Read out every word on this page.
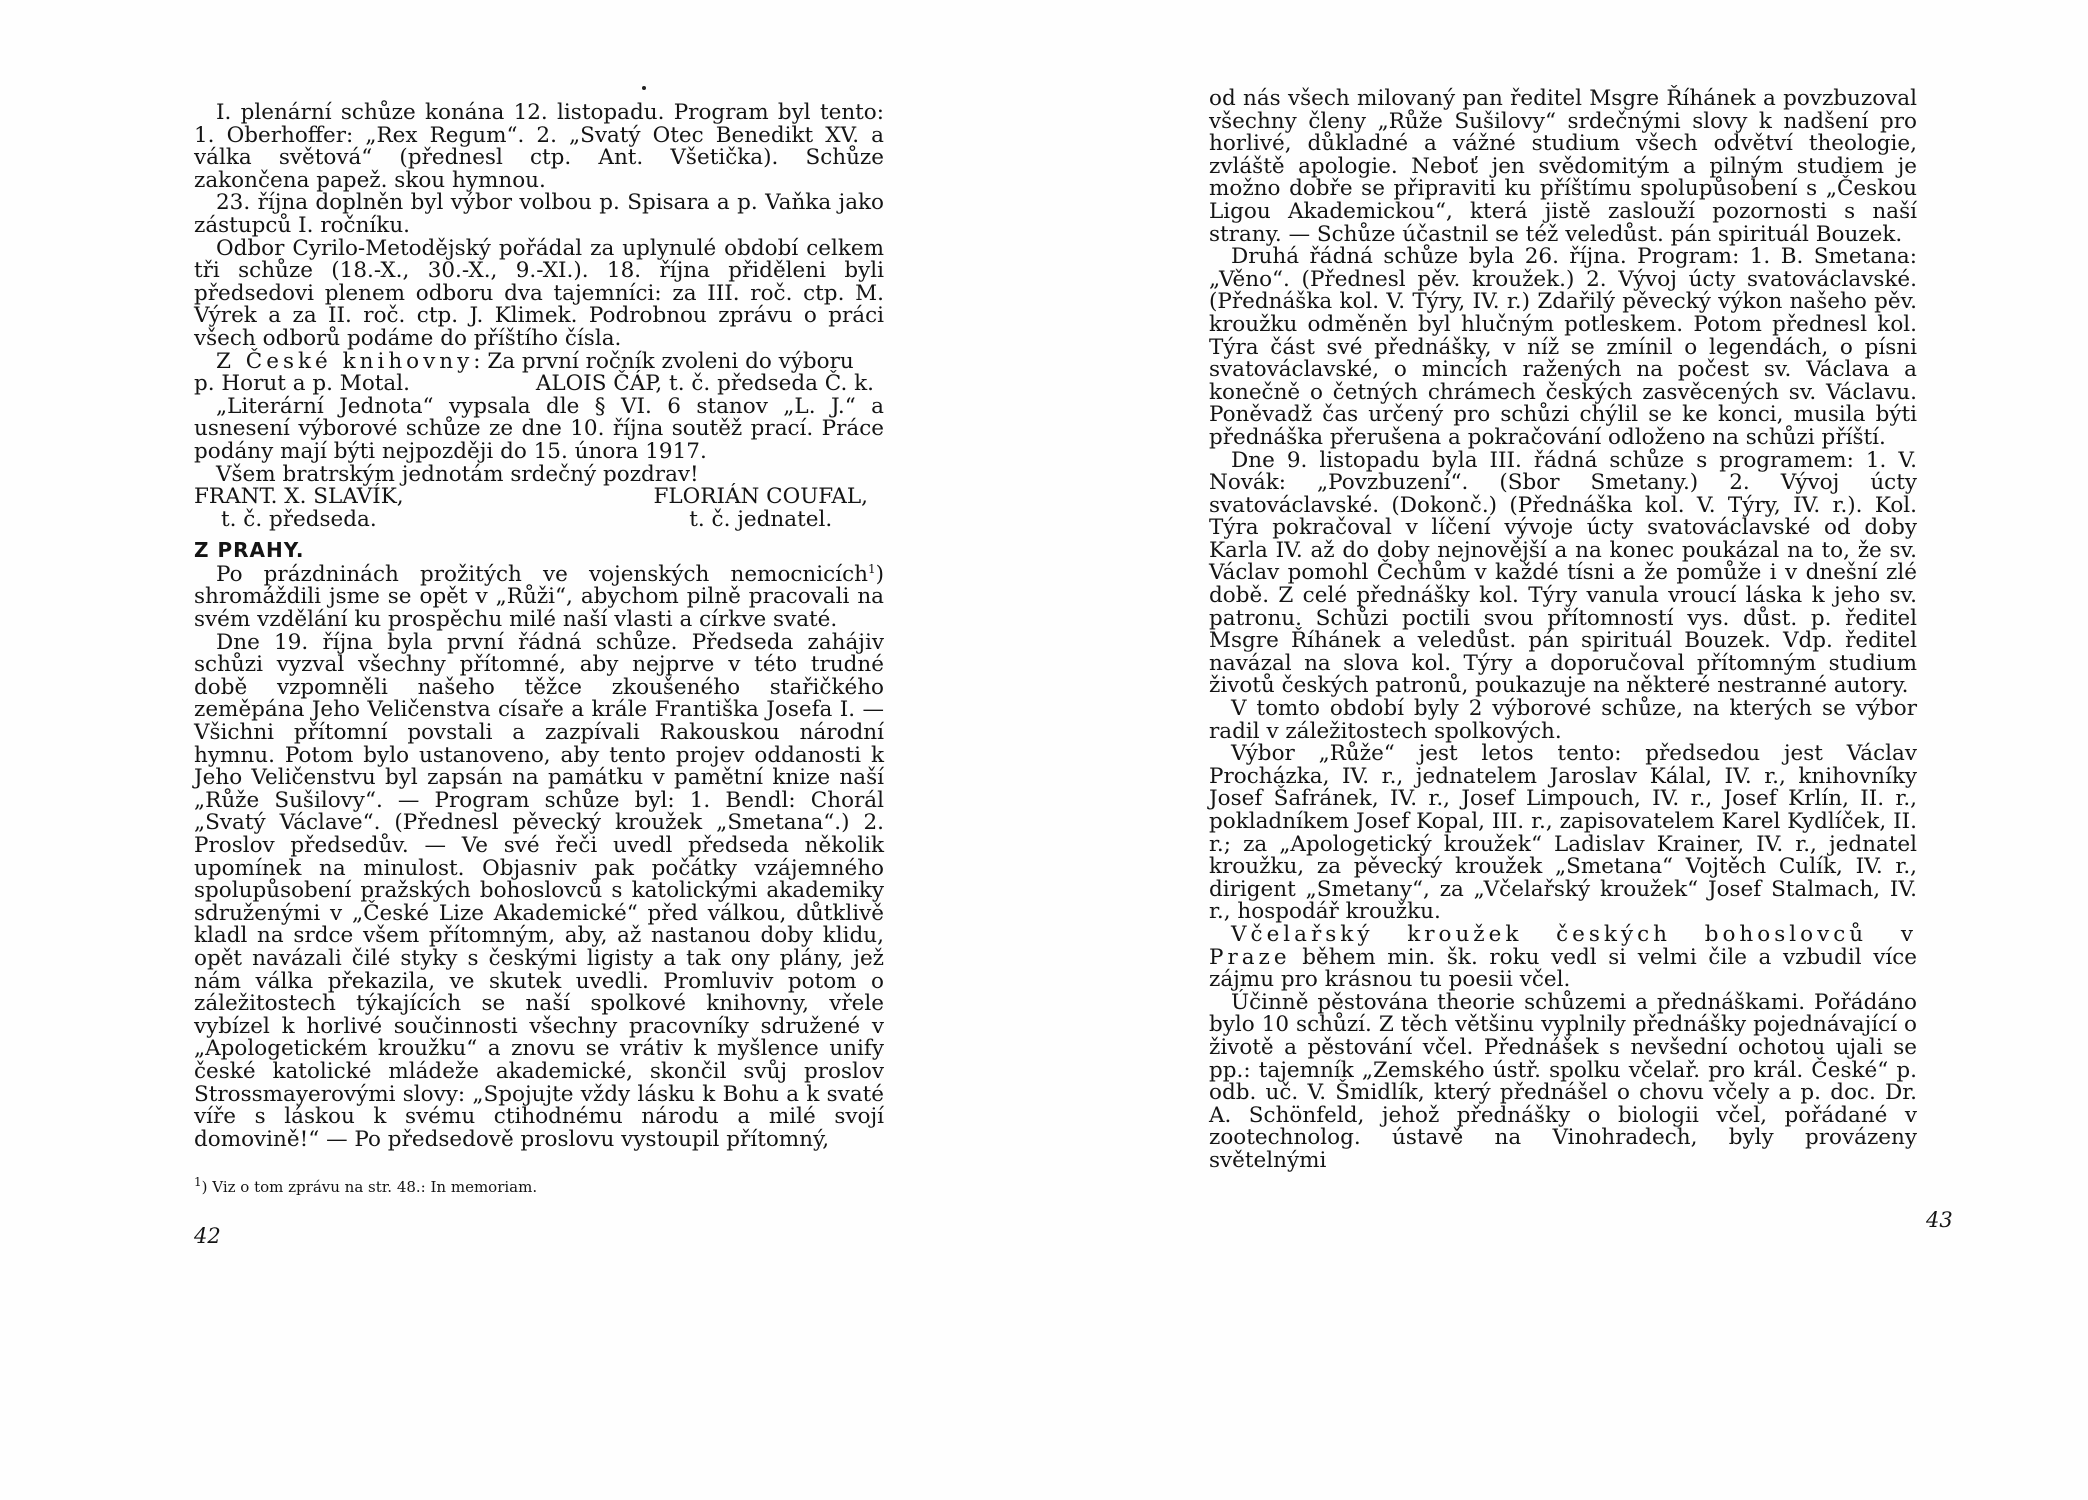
I. plenární schůze konána 12. listopadu. Program byl tento: 1. Oberhoffer: „Rex Regum“. 2. „Svatý Otec Benedikt XV. a válka světová“ (přednesl ctp. Ant. Všetička). Schůze zakončena papež. skou hymnou.

23. října doplněn byl výbor volbou p. Spisara a p. Vaňka jako zástupců I. ročníku.

Odbor Cyrilo-Metodějský pořádal za uplynulé období celkem tři schůze (18.-X., 30.-X., 9.-XI.). 18. října přiděleni byli předsedovi plenem odboru dva tajemníci: za III. roč. ctp. M. Výrek a za II. roč. ctp. J. Klimek. Podrobnou zprávu o práci všech odborů podáme do příštího čísla.

Z České knihovny: Za první ročník zvoleni do výboru

p. Horut a p. Motal.	ALOIS ČÁP, t. č. předseda Č. k.

„Literární Jednota“ vypsala dle § VI. 6 stanov „L. J.“ a usnesení výborové schůze ze dne 10. října soutěž prací. Práce podány mají býti nejpozději do 15. února 1917.

Všem bratrským jednotám srdečný pozdrav!

FRANT. X. SLAVÍK,
t. č. předseda.
FLORIÁN COUFAL,
t. č. jednatel.
Z PRAHY.

Po prázdninách prožitých ve vojenských nemocnicích$^1$) shromáždili jsme se opět v „Růži“, abychom pilně pracovali na svém vzdělání ku prospěchu milé naší vlasti a církve svaté.

Dne 19. října byla první řádná schůze. Předseda zahájiv schůzi vyzval všechny přítomné, aby nejprve v této trudné době vzpomněli našeho těžce zkoušeného stařičkého zeměpána Jeho Veličenstva císaře a krále Františka Josefa I. — Všichni přítomní povstali a zazpívali Rakouskou národní hymnu. Potom bylo ustanoveno, aby tento projev oddanosti k Jeho Veličenstvu byl zapsán na památku v pamětní knize naší „Růže Sušilovy“. — Program schůze byl: 1. Bendl: Chorál „Svatý Václave“. (Přednesl pěvecký kroužek „Smetana“.) 2. Proslov předsedův. — Ve své řeči uvedl předseda několik upomínek na minulost. Objasniv pak počátky vzájemného spolupůsobení pražských bohoslovců s katolickými akademiky sdruženými v „České Lize Akademické“ před válkou, důtklivě kladl na srdce všem přítomným, aby, až nastanou doby klidu, opět navázali čilé styky s českými ligisty a tak ony plány, jež nám válka překazila, ve skutek uvedli. Promluviv potom o záležitostech týkajících se naší spolkové knihovny, vřele vybízel k horlivé součinnosti všechny pracovníky sdružené v „Apologetickém kroužku“ a znovu se vrátiv k myšlence unify české katolické mládeže akademické, skončil svůj proslov Strossmayerovými slovy: „Spojujte vždy lásku k Bohu a k svaté víře s láskou k svému ctihodnému národu a milé svojí domovině!“ — Po předsedově proslovu vystoupil přítomný,

$^1$) Viz o tom zprávu na str. 48.: In memoriam.
42

od nás všech milovaný pan ředitel Msgre Říhánek a povzbuzoval všechny členy „Růže Sušilovy“ srdečnými slovy k nadšení pro horlivé, důkladné a vážné studium všech odvětví theologie, zvláště apologie. Neboť jen svědomitým a pilným studiem je možno dobře se připraviti ku příštímu spolupůsobení s „Českou Ligou Akademickou“, která jistě zaslouží pozornosti s naší strany. — Schůze účastnil se též veledůst. pán spirituál Bouzek.

Druhá řádná schůze byla 26. října. Program: 1. B. Smetana: „Věno“. (Přednesl pěv. kroužek.) 2. Vývoj úcty svatováclavské. (Přednáška kol. V. Týry, IV. r.) Zdařilý pěvecký výkon našeho pěv. kroužku odměněn byl hlučným potleskem. Potom přednesl kol. Týra část své přednášky, v níž se zmínil o legendách, o písni svatováclavské, o mincích ražených na počest sv. Václava a konečně o četných chrámech českých zasvěcených sv. Václavu. Poněvadž čas určený pro schůzi chýlil se ke konci, musila býti přednáška přerušena a pokračování odloženo na schůzi příští.

Dne 9. listopadu byla III. řádná schůze s programem: 1. V. Novák: „Povzbuzení“. (Sbor Smetany.) 2. Vývoj úcty svatováclavské. (Dokonč.) (Přednáška kol. V. Týry, IV. r.). Kol. Týra pokračoval v líčení vývoje úcty svatováclavské od doby Karla IV. až do doby nejnovější a na konec poukázal na to, že sv. Václav pomohl Čechům v každé tísni a že pomůže i v dnešní zlé době. Z celé přednášky kol. Týry vanula vroucí láska k jeho sv. patronu. Schůzi poctili svou přítomností vys. důst. p. ředitel Msgre Říhánek a veledůst. pán spirituál Bouzek. Vdp. ředitel navázal na slova kol. Týry a doporučoval přítomným studium životů českých patronů, poukazuje na některé nestranné autory.

V tomto období byly 2 výborové schůze, na kterých se výbor radil v záležitostech spolkových.

Výbor „Růže“ jest letos tento: předsedou jest Václav Procházka, IV. r., jednatelem Jaroslav Kálal, IV. r., knihovníky Josef Šafránek, IV. r., Josef Limpouch, IV. r., Josef Krlín, II. r., pokladníkem Josef Kopal, III. r., zapisovatelem Karel Kydlíček, II. r.; za „Apologetický kroužek“ Ladislav Krainer, IV. r., jednatel kroužku, za pěvecký kroužek „Smetana“ Vojtěch Culík, IV. r., dirigent „Smetany“, za „Včelařský kroužek“ Josef Stalmach, IV. r., hospodář kroužku.

Včelařský kroužek českých bohoslovců v Praze během min. šk. roku vedl si velmi čile a vzbudil více zájmu pro krásnou tu poesii včel.

Účinně pěstována theorie schůzemi a přednáškami. Pořádáno bylo 10 schůzí. Z těch většinu vyplnily přednášky pojednávající o životě a pěstování včel. Přednášek s nevšední ochotou ujali se pp.: tajemník „Zemského ústř. spolku včelař. pro král. České“ p. odb. uč. V. Šmidlík, který přednášel o chovu včely a p. doc. Dr. A. Schönfeld, jehož přednášky o biologii včel, pořádané v zootechnolog. ústavě na Vinohradech, byly provázeny světelnými

43
